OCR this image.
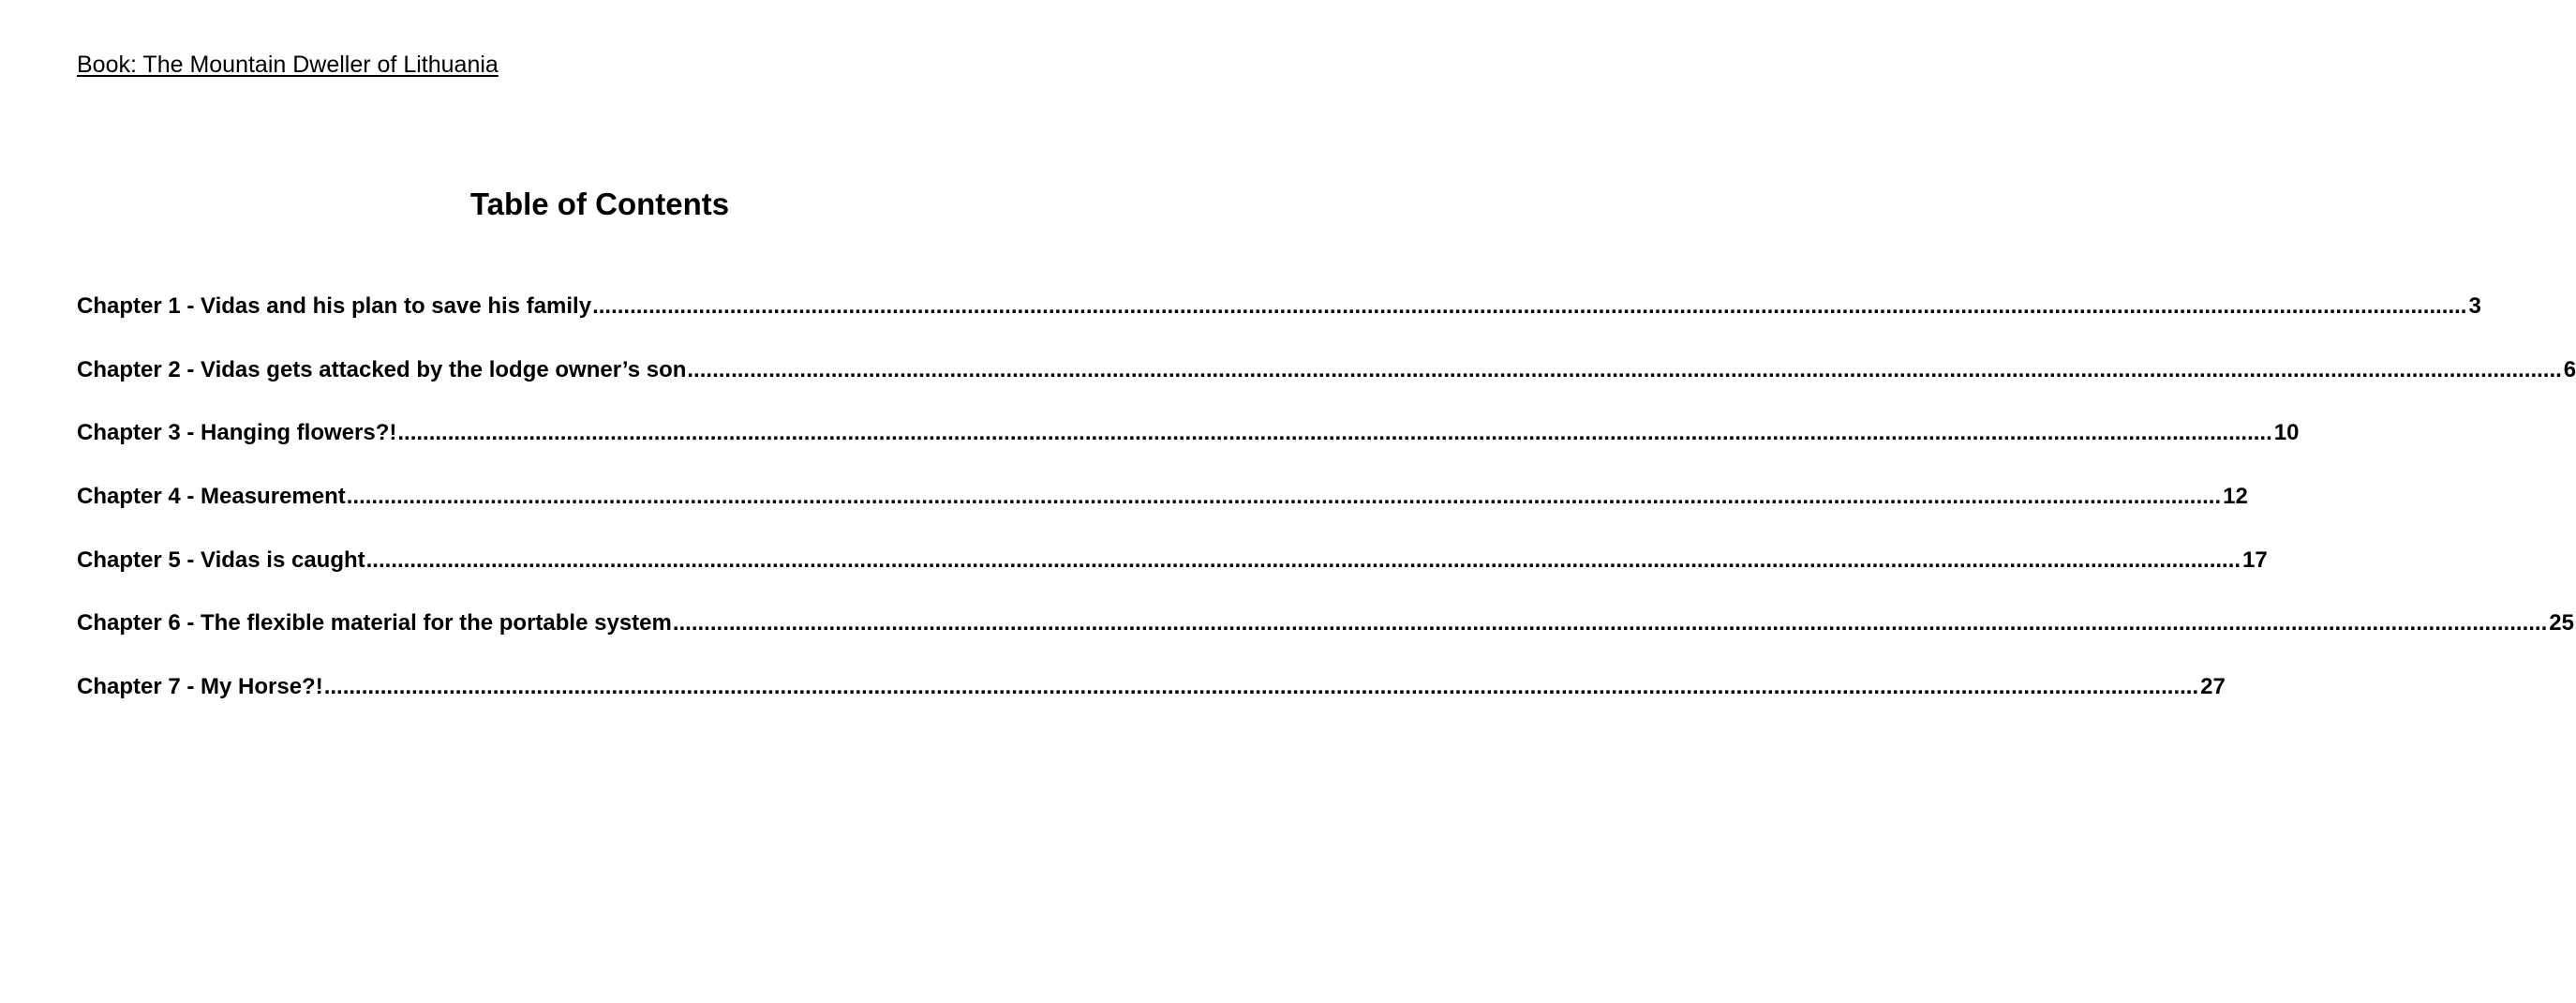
Book: The Mountain Dweller of Lithuania
Table of Contents
Chapter 1 - Vidas and his plan to save his family ............................................................................................................................................................................................................................................................................................................ 3
Chapter 2 - Vidas gets attacked by the lodge owner’s son ............................................................................................................................................................................................................................................................................................................ 6
Chapter 3 - Hanging flowers?! ............................................................................................................................................................................................................................................................................................................ 10
Chapter 4 - Measurement ............................................................................................................................................................................................................................................................................................................ 12
Chapter 5 - Vidas is caught ............................................................................................................................................................................................................................................................................................................ 17
Chapter 6 - The flexible material for the portable system ............................................................................................................................................................................................................................................................................................................ 25
Chapter 7 - My Horse?! ............................................................................................................................................................................................................................................................................................................ 27
